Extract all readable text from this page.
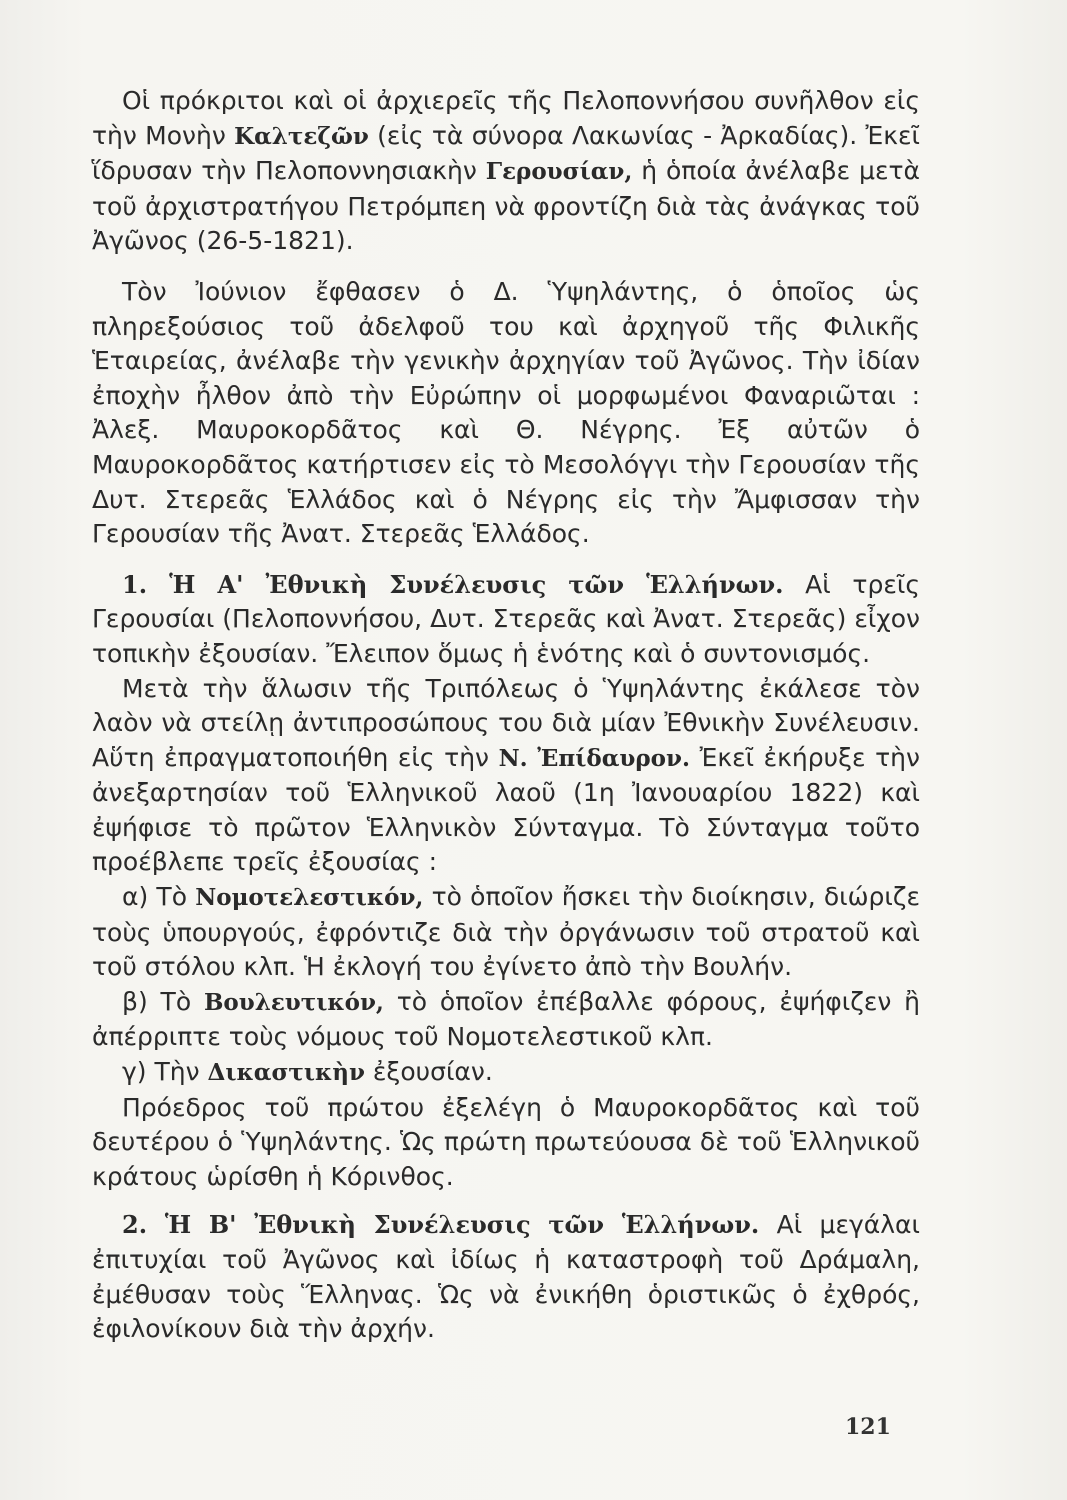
Οἱ πρόκριτοι καὶ οἱ ἀρχιερεῖς τῆς Πελοποννήσου συνῆλθον εἰς τὴν Μονὴν Καλτεζῶν (εἰς τὰ σύνορα Λακωνίας - Ἀρκαδίας). Ἐκεῖ ἵδρυσαν τὴν Πελοποννησιακὴν Γερουσίαν, ἡ ὁποία ἀνέλαβε μετὰ τοῦ ἀρχιστρατήγου Πετρόμπεη νὰ φροντίζη διὰ τὰς ἀνάγκας τοῦ Ἀγῶνος (26-5-1821).

Τὸν Ἰούνιον ἔφθασεν ὁ Δ. Ὑψηλάντης, ὁ ὁποῖος ὡς πληρεξούσιος τοῦ ἀδελφοῦ του καὶ ἀρχηγοῦ τῆς Φιλικῆς Ἑταιρείας, ἀνέλαβε τὴν γενικὴν ἀρχηγίαν τοῦ Ἀγῶνος. Τὴν ἰδίαν ἐποχὴν ἦλθον ἀπὸ τὴν Εὐρώπην οἱ μορφωμένοι Φαναριῶται : Ἀλεξ. Μαυροκορδᾶτος καὶ Θ. Νέγρης. Ἐξ αὐτῶν ὁ Μαυροκορδᾶτος κατήρτισεν εἰς τὸ Μεσολόγγι τὴν Γερουσίαν τῆς Δυτ. Στερεᾶς Ἑλλάδος καὶ ὁ Νέγρης εἰς τὴν Ἄμφισσαν τὴν Γερουσίαν τῆς Ἀνατ. Στερεᾶς Ἑλλάδος.

1. Ἡ Α' Ἐθνικὴ Συνέλευσις τῶν Ἑλλήνων. Αἱ τρεῖς Γερουσίαι (Πελοποννήσου, Δυτ. Στερεᾶς καὶ Ἀνατ. Στερεᾶς) εἶχον τοπικὴν ἐξουσίαν. Ἔλειπον ὅμως ἡ ἑνότης καὶ ὁ συντονισμός.

Μετὰ τὴν ἅλωσιν τῆς Τριπόλεως ὁ Ὑψηλάντης ἐκάλεσε τὸν λαὸν νὰ στείλῃ ἀντιπροσώπους του διὰ μίαν Ἐθνικὴν Συνέλευσιν. Αὕτη ἐπραγματοποιήθη εἰς τὴν Ν. Ἐπίδαυρον. Ἐκεῖ ἐκήρυξε τὴν ἀνεξαρτησίαν τοῦ Ἑλληνικοῦ λαοῦ (1η Ἰανουαρίου 1822) καὶ ἐψήφισε τὸ πρῶτον Ἑλληνικὸν Σύνταγμα. Τὸ Σύνταγμα τοῦτο προέβλεπε τρεῖς ἐξουσίας :

α) Τὸ Νομοτελεστικόν, τὸ ὁποῖον ἤσκει τὴν διοίκησιν, διώριζε τοὺς ὑπουργούς, ἐφρόντιζε διὰ τὴν ὀργάνωσιν τοῦ στρατοῦ καὶ τοῦ στόλου κλπ. Ἡ ἐκλογή του ἐγίνετο ἀπὸ τὴν Βουλήν.

β) Τὸ Βουλευτικόν, τὸ ὁποῖον ἐπέβαλλε φόρους, ἐψήφιζεν ἢ ἀπέρριπτε τοὺς νόμους τοῦ Νομοτελεστικοῦ κλπ.

γ) Τὴν Δικαστικὴν ἐξουσίαν.

Πρόεδρος τοῦ πρώτου ἐξελέγη ὁ Μαυροκορδᾶτος καὶ τοῦ δευτέρου ὁ Ὑψηλάντης. Ὡς πρώτη πρωτεύουσα δὲ τοῦ Ἑλληνικοῦ κράτους ὡρίσθη ἡ Κόρινθος.

2. Ἡ Β' Ἐθνικὴ Συνέλευσις τῶν Ἑλλήνων. Αἱ μεγάλαι ἐπιτυχίαι τοῦ Ἀγῶνος καὶ ἰδίως ἡ καταστροφὴ τοῦ Δράμαλη, ἐμέθυσαν τοὺς Ἕλληνας. Ὡς νὰ ἐνικήθη ὁριστικῶς ὁ ἐχθρός, ἐφιλονίκουν διὰ τὴν ἀρχήν.

121
